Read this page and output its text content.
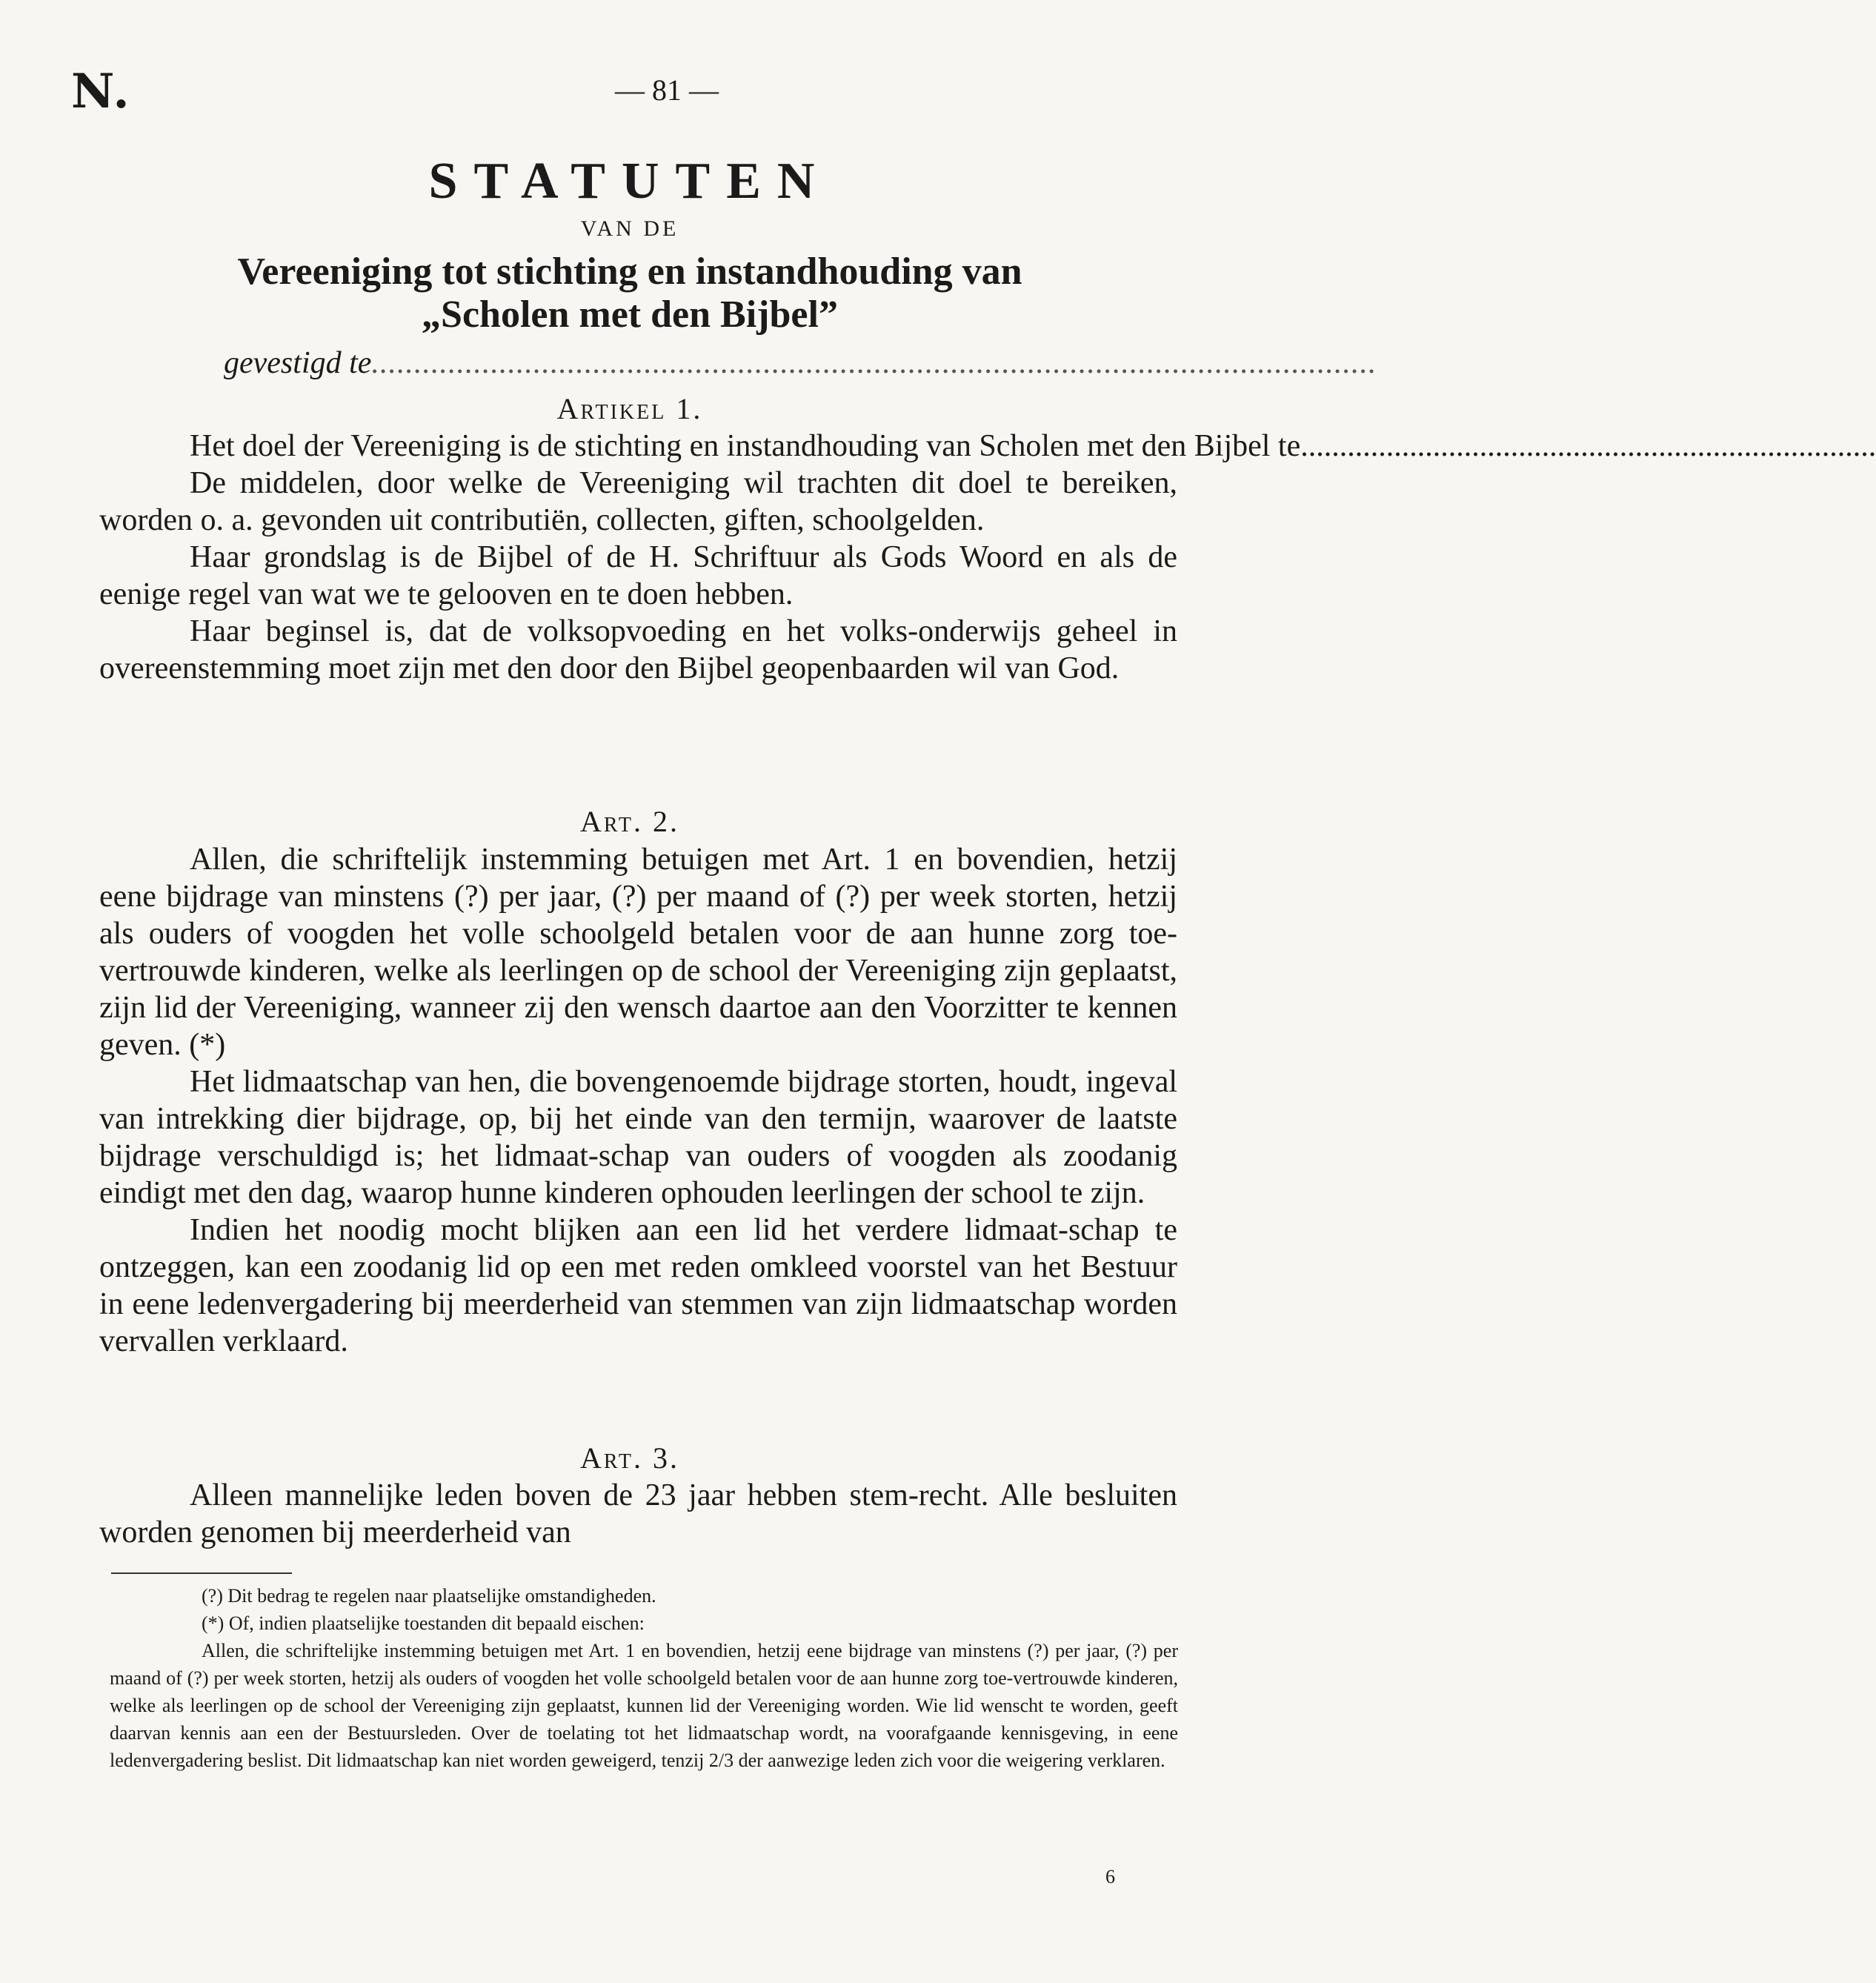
N.	— 81 —
STATUTEN
VAN DE
Vereeniging tot stichting en instandhouding van
„Scholen met den Bijbel”
gevestigd te......................................................................................................................
Artikel 1.
Het doel der Vereeniging is de stichting en instandhouding van Scholen met den Bijbel te..........................................................................
De middelen, door welke de Vereeniging wil trachten dit doel te bereiken, worden o. a. gevonden uit contributiën, collecten, giften, schoolgelden.
Haar grondslag is de Bijbel of de H. Schriftuur als Gods Woord en als de eenige regel van wat we te gelooven en te doen hebben.
Haar beginsel is, dat de volksopvoeding en het volks-onderwijs geheel in overeenstemming moet zijn met den door den Bijbel geopenbaarden wil van God.
Art. 2.
Allen, die schriftelijk instemming betuigen met Art. 1 en bovendien, hetzij eene bijdrage van minstens (?) per jaar, (?) per maand of (?) per week storten, hetzij als ouders of voogden het volle schoolgeld betalen voor de aan hunne zorg toe-vertrouwde kinderen, welke als leerlingen op de school der Vereeniging zijn geplaatst, zijn lid der Vereeniging, wanneer zij den wensch daartoe aan den Voorzitter te kennen geven. (*)
Het lidmaatschap van hen, die bovengenoemde bijdrage storten, houdt, ingeval van intrekking dier bijdrage, op, bij het einde van den termijn, waarover de laatste bijdrage verschuldigd is; het lidmaat-schap van ouders of voogden als zoodanig eindigt met den dag, waarop hunne kinderen ophouden leerlingen der school te zijn.
Indien het noodig mocht blijken aan een lid het verdere lidmaat-schap te ontzeggen, kan een zoodanig lid op een met reden omkleed voorstel van het Bestuur in eene ledenvergadering bij meerderheid van stemmen van zijn lidmaatschap worden vervallen verklaard.
Art. 3.
Alleen mannelijke leden boven de 23 jaar hebben stem-recht. Alle besluiten worden genomen bij meerderheid van
(?) Dit bedrag te regelen naar plaatselijke omstandigheden.
(*) Of, indien plaatselijke toestanden dit bepaald eischen:
Allen, die schriftelijke instemming betuigen met Art. 1 en bovendien, hetzij eene bijdrage van minstens (?) per jaar, (?) per maand of (?) per week storten, hetzij als ouders of voogden het volle schoolgeld betalen voor de aan hunne zorg toe-vertrouwde kinderen, welke als leerlingen op de school der Vereeniging zijn geplaatst, kunnen lid der Vereeniging worden. Wie lid wenscht te worden, geeft daarvan kennis aan een der Bestuursleden. Over de toelating tot het lidmaatschap wordt, na voorafgaande kennisgeving, in eene ledenvergadering beslist. Dit lidmaatschap kan niet worden geweigerd, tenzij 2/3 der aanwezige leden zich voor die weigering verklaren.
6
